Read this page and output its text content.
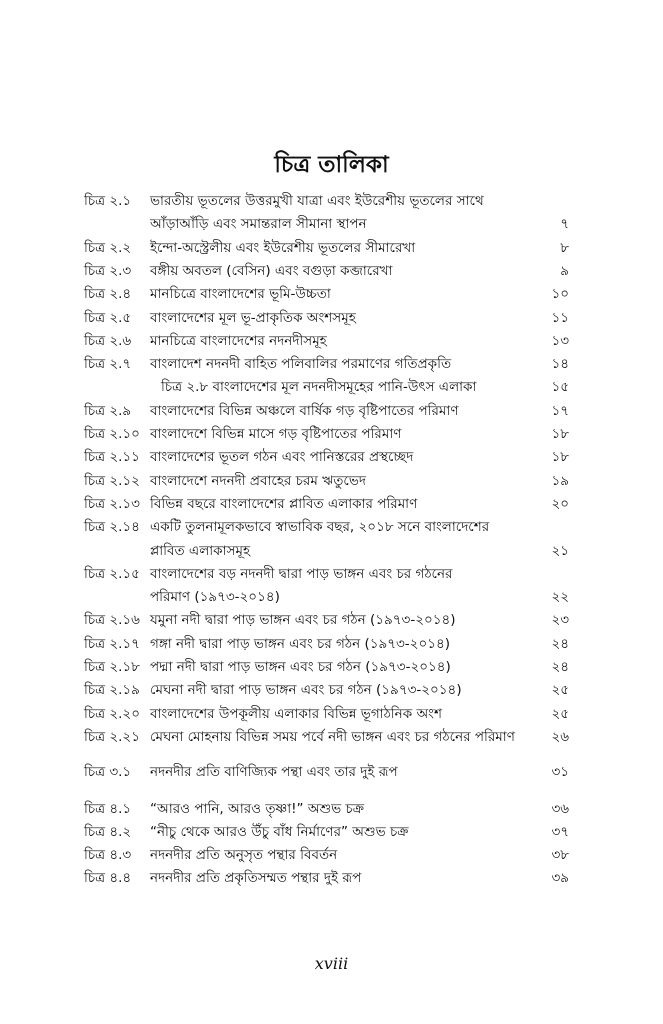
চিত্র তালিকা
চিত্র ২.১ ভারতীয় ভূতলের উত্তরমুখী যাত্রা এবং ইউরেশীয় ভূতলের সাথে
আঁড়াআঁড়ি এবং সমান্তরাল সীমানা স্থাপন	৭
চিত্র ২.২ ইন্দো-অস্ট্রেলীয় এবং ইউরেশীয় ভূতলের সীমারেখা	৮
চিত্র ২.৩ বঙ্গীয় অবতল (বেসিন) এবং বগুড়া কব্জারেখা	৯
চিত্র ২.৪ মানচিত্রে বাংলাদেশের ভূমি-উচ্চতা	১০
চিত্র ২.৫ বাংলাদেশের মূল ভূ-প্রাকৃতিক অংশসমূহ	১১
চিত্র ২.৬ মানচিত্রে বাংলাদেশের নদনদীসমূহ	১৩
চিত্র ২.৭ বাংলাদেশ নদনদী বাহিত পলিবালির পরমাণের গতিপ্রকৃতি	১৪
চিত্র ২.৮ বাংলাদেশের মূল নদনদীসমূহের পানি-উৎস এলাকা	১৫
চিত্র ২.৯ বাংলাদেশের বিভিন্ন অঞ্চলে বার্ষিক গড় বৃষ্টিপাতের পরিমাণ	১৭
চিত্র ২.১০ বাংলাদেশে বিভিন্ন মাসে গড় বৃষ্টিপাতের পরিমাণ	১৮
চিত্র ২.১১ বাংলাদেশের ভূতল গঠন এবং পানিস্তরের প্রস্থচ্ছেদ	১৮
চিত্র ২.১২ বাংলাদেশে নদনদী প্রবাহের চরম ঋতুভেদ	১৯
চিত্র ২.১৩ বিভিন্ন বছরে বাংলাদেশের প্লাবিত এলাকার পরিমাণ	২০
চিত্র ২.১৪ একটি তুলনামূলকভাবে স্বাভাবিক বছর, ২০১৮ সনে বাংলাদেশের
প্লাবিত এলাকাসমূহ	২১
চিত্র ২.১৫ বাংলাদেশের বড় নদনদী দ্বারা পাড় ভাঙ্গন এবং চর গঠনের
পরিমাণ (১৯৭৩-২০১৪)	২২
চিত্র ২.১৬ যমুনা নদী দ্বারা পাড় ভাঙ্গন এবং চর গঠন (১৯৭৩-২০১৪)	২৩
চিত্র ২.১৭ গঙ্গা নদী দ্বারা পাড় ভাঙ্গন এবং চর গঠন (১৯৭৩-২০১৪)	২৪
চিত্র ২.১৮ পদ্মা নদী দ্বারা পাড় ভাঙ্গন এবং চর গঠন (১৯৭৩-২০১৪)	২৪
চিত্র ২.১৯ মেঘনা নদী দ্বারা পাড় ভাঙ্গন এবং চর গঠন (১৯৭৩-২০১৪)	২৫
চিত্র ২.২০ বাংলাদেশের উপকূলীয় এলাকার বিভিন্ন ভূগাঠনিক অংশ	২৫
চিত্র ২.২১ মেঘনা মোহনায় বিভিন্ন সময় পর্বে নদী ভাঙ্গন এবং চর গঠনের পরিমাণ	২৬
চিত্র ৩.১ নদনদীর প্রতি বাণিজ্যিক পন্থা এবং তার দুই রূপ	৩১
চিত্র ৪.১ “আরও পানি, আরও তৃষ্ণা!” অশুভ চক্র	৩৬
চিত্র ৪.২ “নীচু থেকে আরও উঁচু বাঁধ নির্মাণের” অশুভ চক্র	৩৭
চিত্র ৪.৩ নদনদীর প্রতি অনুসৃত পন্থার বিবর্তন	৩৮
চিত্র ৪.৪ নদনদীর প্রতি প্রকৃতিসম্মত পন্থার দুই রূপ	৩৯
xviii
